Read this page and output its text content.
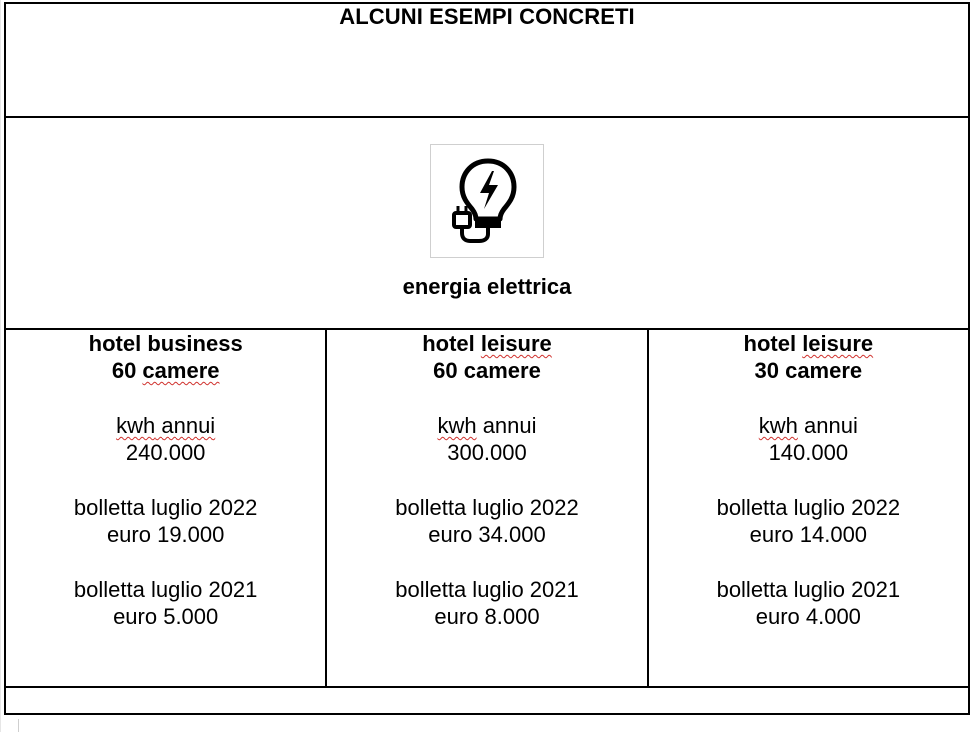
ALCUNI ESEMPI CONCRETI

energia elettrica

hotel business
60 camere
kwh annui
240.000
bolletta luglio 2022
euro 19.000
bolletta luglio 2021
euro 5.000

hotel leisure
60 camere
kwh annui
300.000
bolletta luglio 2022
euro 34.000
bolletta luglio 2021
euro 8.000

hotel leisure
30 camere
kwh annui
140.000
bolletta luglio 2022
euro 14.000
bolletta luglio 2021
euro 4.000
